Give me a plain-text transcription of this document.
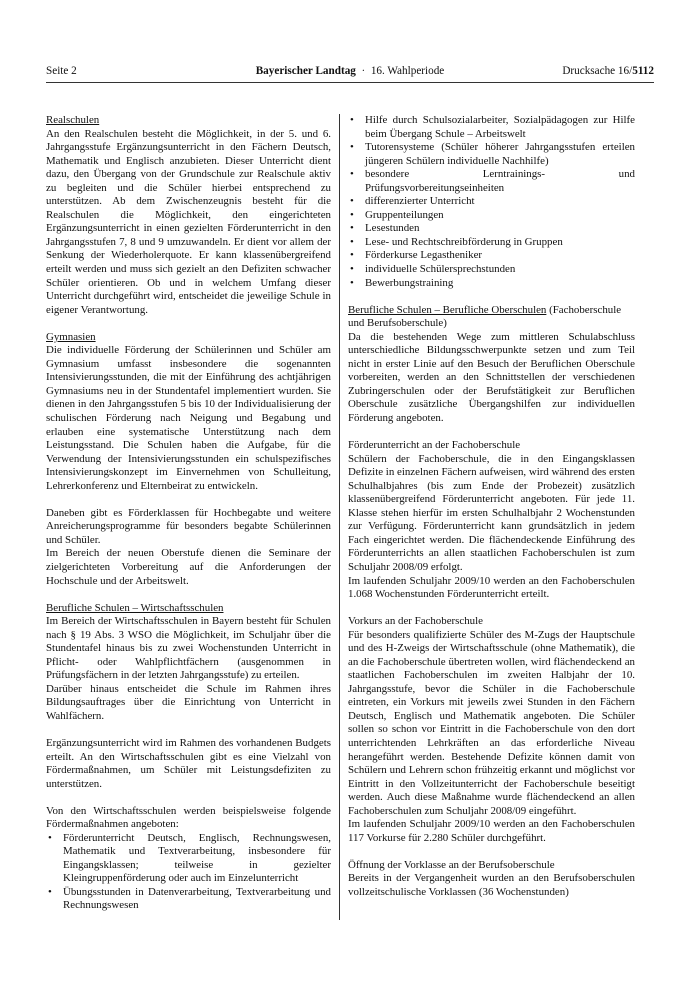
Seite 2	Bayerischer Landtag · 16. Wahlperiode	Drucksache 16/5112
Realschulen

An den Realschulen besteht die Möglichkeit, in der 5. und 6. Jahrgangsstufe Ergänzungsunterricht in den Fächern Deutsch, Mathematik und Englisch anzubieten. Dieser Unterricht dient dazu, den Übergang von der Grundschule zur Realschule aktiv zu begleiten und die Schüler hierbei entsprechend zu unterstützen. Ab dem Zwischenzeugnis besteht für die Realschulen die Möglichkeit, den eingerichteten Ergänzungsunterricht in einen gezielten Förderunterricht in den Jahrgangsstufen 7, 8 und 9 umzuwandeln. Er dient vor allem der Senkung der Wiederholerquote. Er kann klassenübergreifend erteilt werden und muss sich gezielt an den Defiziten schwacher Schüler orientieren. Ob und in welchem Umfang dieser Unterricht durchgeführt wird, entscheidet die jeweilige Schule in eigener Verantwortung.

Gymnasien

Die individuelle Förderung der Schülerinnen und Schüler am Gymnasium umfasst insbesondere die sogenannten Intensivierungsstunden, die mit der Einführung des achtjährigen Gymnasiums neu in der Stundentafel implementiert wurden. Sie dienen in den Jahrgangsstufen 5 bis 10 der Individualisierung der schulischen Förderung nach Neigung und Begabung und erlauben eine systematische Unterstützung nach dem Leistungsstand. Die Schulen haben die Aufgabe, für die Verwendung der Intensivierungsstunden ein schulspezifisches Intensivierungskonzept im Einvernehmen von Schulleitung, Lehrerkonferenz und Elternbeirat zu entwickeln.

Daneben gibt es Förderklassen für Hochbegabte und weitere Anreicherungsprogramme für besonders begabte Schülerinnen und Schüler.

Im Bereich der neuen Oberstufe dienen die Seminare der zielgerichteten Vorbereitung auf die Anforderungen der Hochschule und der Arbeitswelt.

Berufliche Schulen – Wirtschaftsschulen

Im Bereich der Wirtschaftsschulen in Bayern besteht für Schulen nach § 19 Abs. 3 WSO die Möglichkeit, im Schuljahr über die Stundentafel hinaus bis zu zwei Wochenstunden Unterricht in Pflicht- oder Wahlpflichtfächern (ausgenommen in Prüfungsfächern in der letzten Jahrgangsstufe) zu erteilen.

Darüber hinaus entscheidet die Schule im Rahmen ihres Bildungsauftrages über die Einrichtung von Unterricht in Wahlfächern.

Ergänzungsunterricht wird im Rahmen des vorhandenen Budgets erteilt. An den Wirtschaftsschulen gibt es eine Vielzahl von Fördermaßnahmen, um Schüler mit Leistungsdefiziten zu unterstützen.

Von den Wirtschaftsschulen werden beispielsweise folgende Fördermaßnahmen angeboten:

• Förderunterricht Deutsch, Englisch, Rechnungswesen, Mathematik und Textverarbeitung, insbesondere für Eingangsklassen; teilweise in gezielter Kleingruppenförderung oder auch im Einzelunterricht
• Übungsstunden in Datenverarbeitung, Textverarbeitung und Rechnungswesen
• Hilfe durch Schulsozialarbeiter, Sozialpädagogen zur Hilfe beim Übergang Schule – Arbeitswelt
• Tutorensysteme (Schüler höherer Jahrgangsstufen erteilen jüngeren Schülern individuelle Nachhilfe)
• besondere Lerntrainings- und Prüfungsvorbereitungseinheiten
• differenzierter Unterricht
• Gruppenteilungen
• Lesestunden
• Lese- und Rechtschreibförderung in Gruppen
• Förderkurse Legastheniker
• individuelle Schülersprechstunden
• Bewerbungstraining
Berufliche Schulen – Berufliche Oberschulen (Fachoberschule und Berufsoberschule)

Da die bestehenden Wege zum mittleren Schulabschluss unterschiedliche Bildungsschwerpunkte setzen und zum Teil nicht in erster Linie auf den Besuch der Beruflichen Oberschule vorbereiten, werden an den Schnittstellen der verschiedenen Zubringerschulen oder der Berufstätigkeit zur Beruflichen Oberschule zusätzliche Übergangshilfen zur individuellen Förderung angeboten.

Förderunterricht an der Fachoberschule

Schülern der Fachoberschule, die in den Eingangsklassen Defizite in einzelnen Fächern aufweisen, wird während des ersten Schulhalbjahres (bis zum Ende der Probezeit) zusätzlich klassenübergreifend Förderunterricht angeboten. Für jede 11. Klasse stehen hierfür im ersten Schulhalbjahr 2 Wochenstunden zur Verfügung. Förderunterricht kann grundsätzlich in jedem Fach eingerichtet werden. Die flächendeckende Einführung des Förderunterrichts an allen staatlichen Fachoberschulen ist zum Schuljahr 2008/09 erfolgt.

Im laufenden Schuljahr 2009/10 werden an den Fachoberschulen 1.068 Wochenstunden Förderunterricht erteilt.

Vorkurs an der Fachoberschule

Für besonders qualifizierte Schüler des M-Zugs der Hauptschule und des H-Zweigs der Wirtschaftsschule (ohne Mathematik), die an die Fachoberschule übertreten wollen, wird flächendeckend an staatlichen Fachoberschulen im zweiten Halbjahr der 10. Jahrgangsstufe, bevor die Schüler in die Fachoberschule eintreten, ein Vorkurs mit jeweils zwei Stunden in den Fächern Deutsch, Englisch und Mathematik angeboten. Die Schüler sollen so schon vor Eintritt in die Fachoberschule von den dort unterrichtenden Lehrkräften an das erforderliche Niveau herangeführt werden. Bestehende Defizite können damit von Schülern und Lehrern schon frühzeitig erkannt und möglichst vor Eintritt in den Vollzeitunterricht der Fachoberschule beseitigt werden. Auch diese Maßnahme wurde flächendeckend an allen Fachoberschulen zum Schuljahr 2008/09 eingeführt.

Im laufenden Schuljahr 2009/10 werden an den Fachoberschulen 117 Vorkurse für 2.280 Schüler durchgeführt.

Öffnung der Vorklasse an der Berufsoberschule

Bereits in der Vergangenheit wurden an den Berufsoberschulen vollzeitschulische Vorklassen (36 Wochenstunden)
